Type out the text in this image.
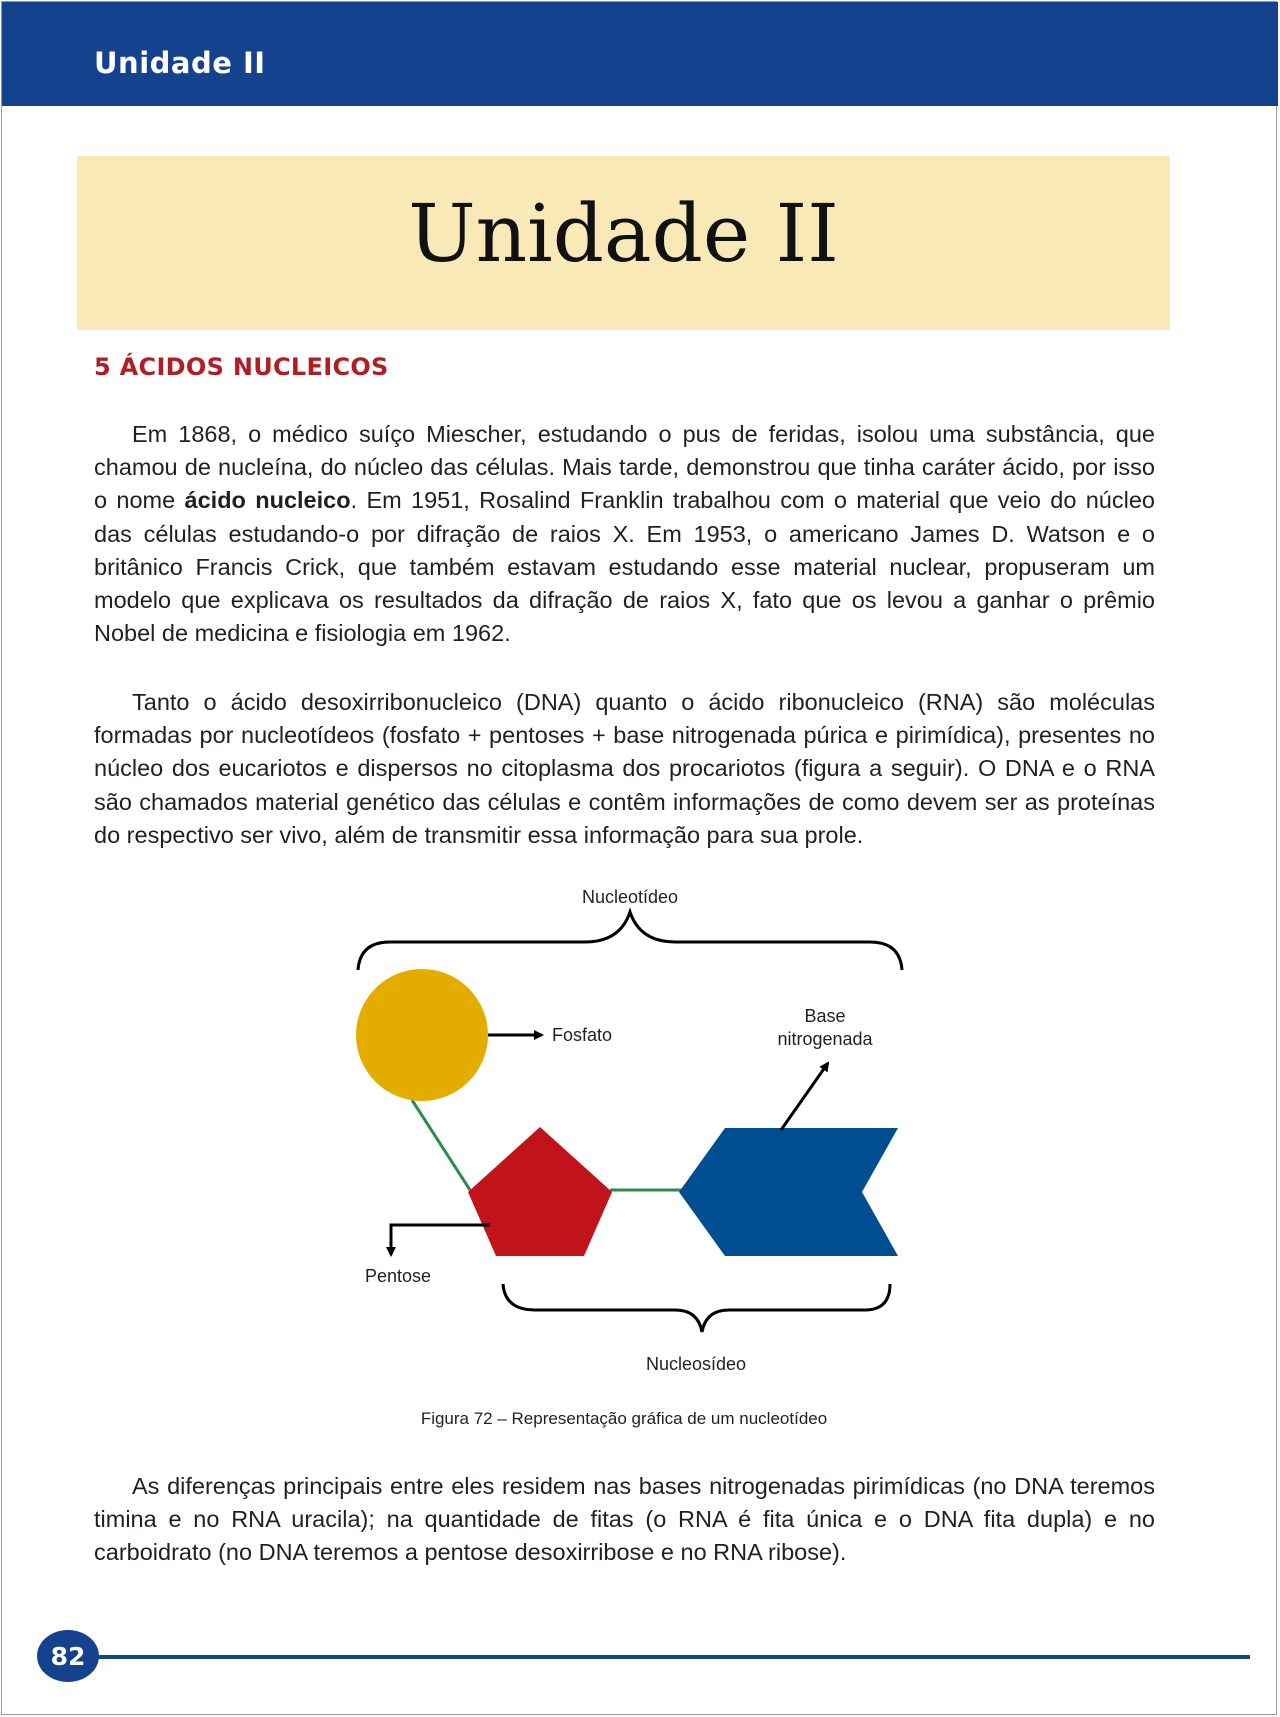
Unidade II
Unidade II
5 ÁCIDOS NUCLEICOS

Em 1868, o médico suíço Miescher, estudando o pus de feridas, isolou uma substância, que chamou de nucleína, do núcleo das células. Mais tarde, demonstrou que tinha caráter ácido, por isso o nome ácido nucleico. Em 1951, Rosalind Franklin trabalhou com o material que veio do núcleo das células estudando-o por difração de raios X. Em 1953, o americano James D. Watson e o britânico Francis Crick, que também estavam estudando esse material nuclear, propuseram um modelo que explicava os resultados da difração de raios X, fato que os levou a ganhar o prêmio Nobel de medicina e fisiologia em 1962.

Tanto o ácido desoxirribonucleico (DNA) quanto o ácido ribonucleico (RNA) são moléculas formadas por nucleotídeos (fosfato + pentoses + base nitrogenada púrica e pirimídica), presentes no núcleo dos eucariotos e dispersos no citoplasma dos procariotos (figura a seguir). O DNA e o RNA são chamados material genético das células e contêm informações de como devem ser as proteínas do respectivo ser vivo, além de transmitir essa informação para sua prole.

Nucleotídeo
Fosfato
Base
nitrogenada
Pentose
Nucleosídeo
Figura 72 – Representação gráfica de um nucleotídeo

As diferenças principais entre eles residem nas bases nitrogenadas pirimídicas (no DNA teremos timina e no RNA uracila); na quantidade de fitas (o RNA é fita única e o DNA fita dupla) e no carboidrato (no DNA teremos a pentose desoxirribose e no RNA ribose).

82
